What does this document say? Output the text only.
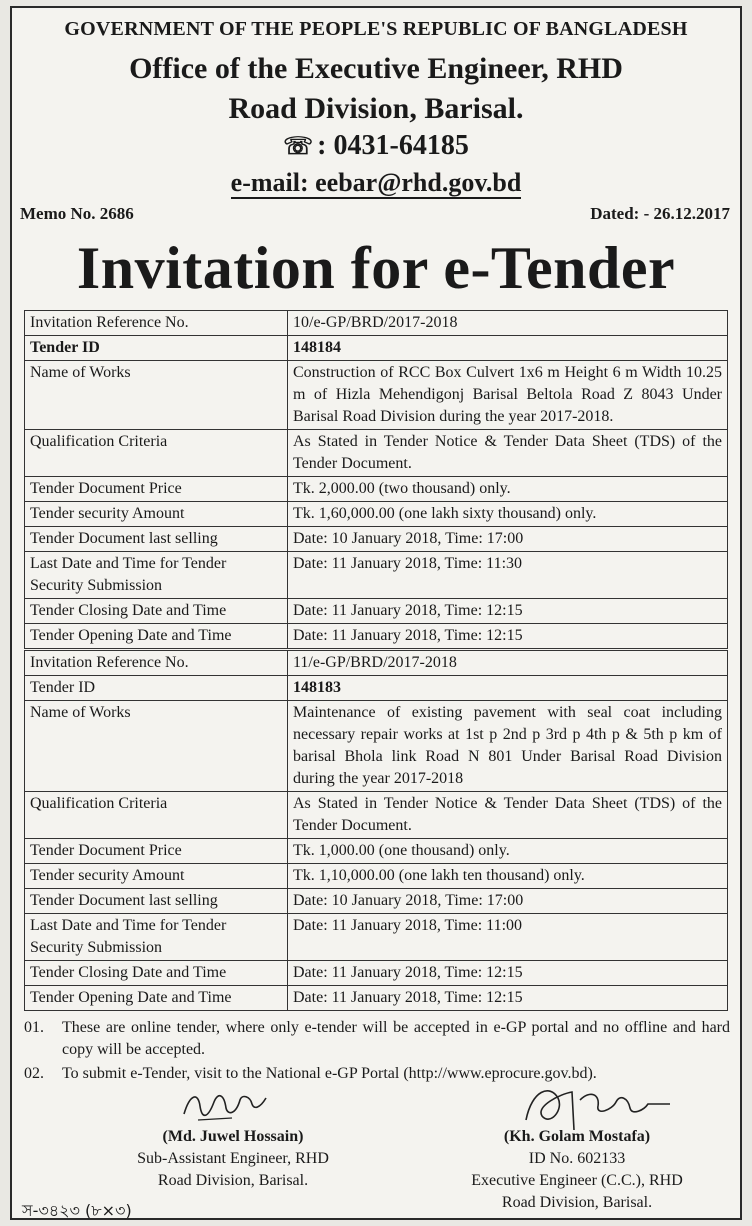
GOVERNMENT OF THE PEOPLE'S REPUBLIC OF BANGLADESH
Office of the Executive Engineer, RHD
Road Division, Barisal.
☏ : 0431-64185
e-mail: eebar@rhd.gov.bd
Memo No. 2686	Dated: - 26.12.2017
Invitation for e-Tender
Invitation Reference No.	10/e-GP/BRD/2017-2018
Tender ID	148184
Name of Works	Construction of RCC Box Culvert 1x6 m Height 6 m Width 10.25 m of Hizla Mehendigonj Barisal Beltola Road Z 8043 Under Barisal Road Division during the year 2017-2018.
Qualification Criteria	As Stated in Tender Notice & Tender Data Sheet (TDS) of the Tender Document.
Tender Document Price	Tk. 2,000.00 (two thousand) only.
Tender security Amount	Tk. 1,60,000.00 (one lakh sixty thousand) only.
Tender Document last selling	Date: 10 January 2018, Time: 17:00
Last Date and Time for Tender Security Submission	Date: 11 January 2018, Time: 11:30
Tender Closing Date and Time	Date: 11 January 2018, Time: 12:15
Tender Opening Date and Time	Date: 11 January 2018, Time: 12:15
Invitation Reference No.	11/e-GP/BRD/2017-2018
Tender ID	148183
Name of Works	Maintenance of existing pavement with seal coat including necessary repair works at 1st p 2nd p 3rd p 4th p & 5th p km of barisal Bhola link Road N 801 Under Barisal Road Division during the year 2017-2018
Qualification Criteria	As Stated in Tender Notice & Tender Data Sheet (TDS) of the Tender Document.
Tender Document Price	Tk. 1,000.00 (one thousand) only.
Tender security Amount	Tk. 1,10,000.00 (one lakh ten thousand) only.
Tender Document last selling	Date: 10 January 2018, Time: 17:00
Last Date and Time for Tender Security Submission	Date: 11 January 2018, Time: 11:00
Tender Closing Date and Time	Date: 11 January 2018, Time: 12:15
Tender Opening Date and Time	Date: 11 January 2018, Time: 12:15
01.	These are online tender, where only e-tender will be accepted in e-GP portal and no offline and hard copy will be accepted.
02.	To submit e-Tender, visit to the National e-GP Portal (http://www.eprocure.gov.bd).
(Md. Juwel Hossain)
Sub-Assistant Engineer, RHD
Road Division, Barisal.
(Kh. Golam Mostafa)
ID No. 602133
Executive Engineer (C.C.), RHD
Road Division, Barisal.
স-৩৪২৩ (৮×৩)
